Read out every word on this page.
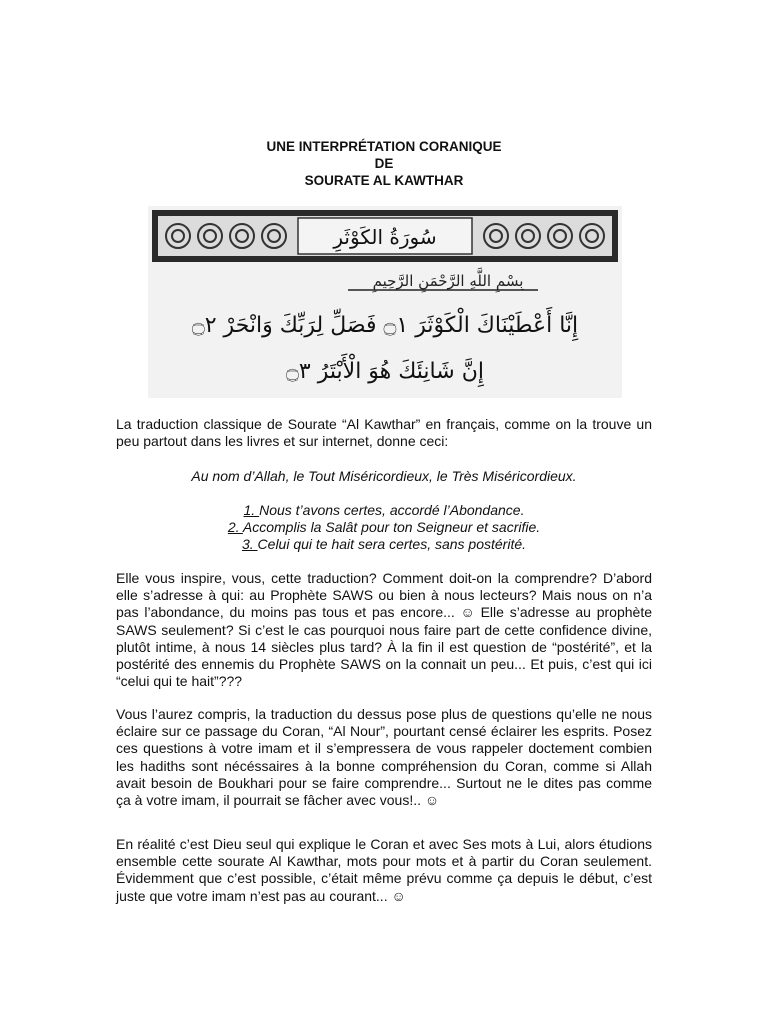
UNE INTERPRÉTATION CORANIQUE
DE
SOURATE AL KAWTHAR
سُورَةُ الكَوْثَرِ
بِسْمِ اللَّهِ الرَّحْمَنِ الرَّحِيمِ
إِنَّا أَعْطَيْنَاكَ الْكَوْثَرَ ۝١ فَصَلِّ لِرَبِّكَ وَانْحَرْ ۝٢
إِنَّ شَانِئَكَ هُوَ الْأَبْتَرُ ۝٣

La traduction classique de Sourate “Al Kawthar” en français, comme on la trouve un peu partout dans les livres et sur internet, donne ceci:

Au nom d’Allah, le Tout Miséricordieux, le Très Miséricordieux.
1. Nous t’avons certes, accordé l’Abondance.
2. Accomplis la Salât pour ton Seigneur et sacrifie.
3. Celui qui te hait sera certes, sans postérité.

Elle vous inspire, vous, cette traduction? Comment doit-on la comprendre? D’abord elle s’adresse à qui: au Prophète SAWS ou bien à nous lecteurs? Mais nous on n’a pas l’abondance, du moins pas tous et pas encore... ☺ Elle s’adresse au prophète SAWS seulement? Si c’est le cas pourquoi nous faire part de cette confidence divine, plutôt intime, à nous 14 siècles plus tard? À la fin il est question de “postérité”, et la postérité des ennemis du Prophète SAWS on la connait un peu... Et puis, c’est qui ici “celui qui te hait”???

Vous l’aurez compris, la traduction du dessus pose plus de questions qu’elle ne nous éclaire sur ce passage du Coran, “Al Nour”, pourtant censé éclairer les esprits. Posez ces questions à votre imam et il s’empressera de vous rappeler doctement combien les hadiths sont nécéssaires à la bonne compréhension du Coran, comme si Allah avait besoin de Boukhari pour se faire comprendre... Surtout ne le dites pas comme ça à votre imam, il pourrait se fâcher avec vous!.. ☺

En réalité c’est Dieu seul qui explique le Coran et avec Ses mots à Lui, alors étudions ensemble cette sourate Al Kawthar, mots pour mots et à partir du Coran seulement. Évidemment que c’est possible, c’était même prévu comme ça depuis le début, c’est juste que votre imam n’est pas au courant... ☺
